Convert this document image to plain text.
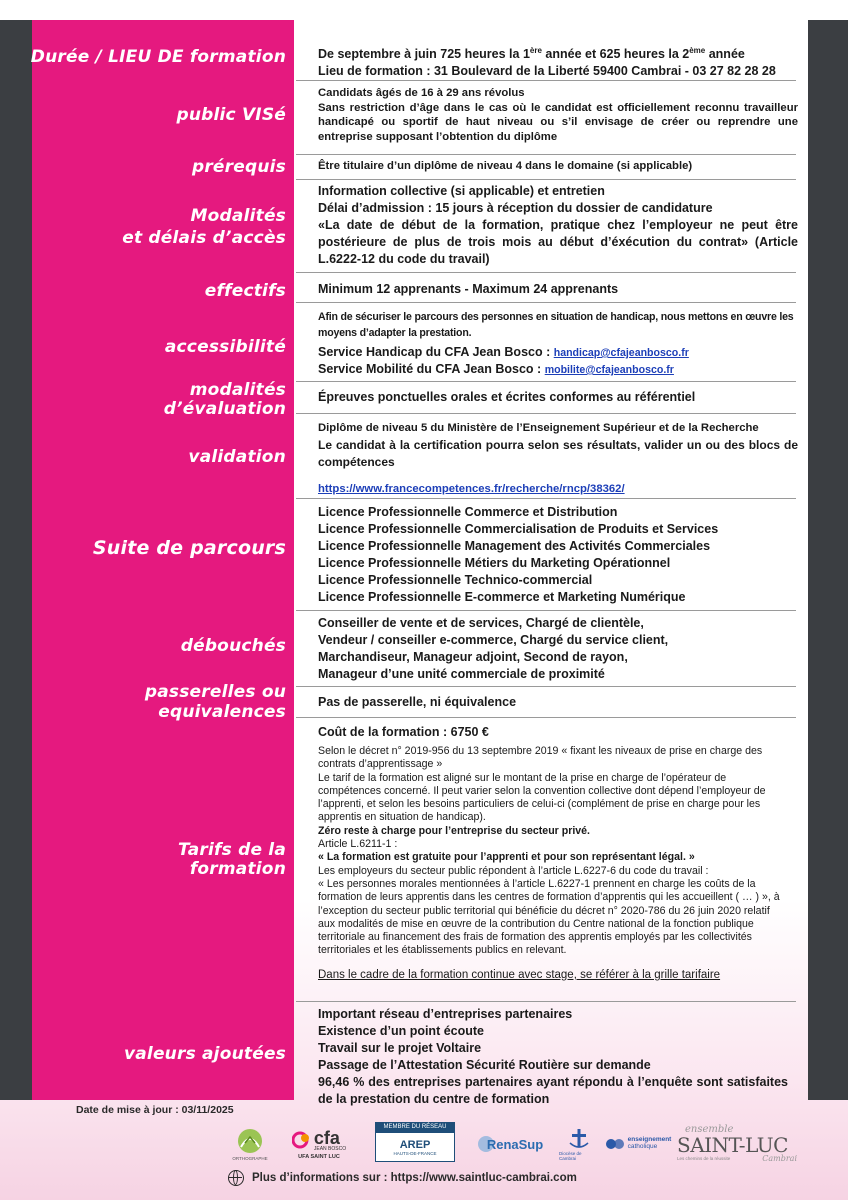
Durée / LIEU DE formation
public VISé
prérequis
Modalités
et délais d’accès
effectifs
accessibilité
modalités
d’évaluation
validation
Suite de parcours
débouchés
passerelles ou
equivalences
Tarifs de la
formation
valeurs ajoutées
De septembre à juin 725 heures la 1ère année et 625 heures la 2ème année
Lieu de formation : 31 Boulevard de la Liberté 59400 Cambrai - 03 27 82 28 28
Candidats âgés de 16 à 29 ans révolus
Sans restriction d’âge dans le cas où le candidat est officiellement reconnu travailleur handicapé ou sportif de haut niveau ou s’il envisage de créer ou reprendre une entreprise supposant l’obtention du diplôme
Être titulaire d’un diplôme de niveau 4 dans le domaine (si applicable)
Information collective (si applicable) et entretien
Délai d’admission : 15 jours à réception du dossier de candidature
«La date de début de la formation, pratique chez l’employeur ne peut être postérieure de plus de trois mois au début d’éxécution du contrat» (Article L.6222-12 du code du travail)
Minimum 12 apprenants - Maximum 24 apprenants
Afin de sécuriser le parcours des personnes en situation de handicap, nous mettons en œuvre les moyens d’adapter la prestation.
Service Handicap du CFA Jean Bosco : handicap@cfajeanbosco.fr
Service Mobilité du CFA Jean Bosco : mobilite@cfajeanbosco.fr
Épreuves ponctuelles orales et écrites conformes au référentiel
Diplôme de niveau 5 du Ministère de l’Enseignement Supérieur et de la Recherche
Le candidat à la certification pourra selon ses résultats, valider un ou des blocs de compétences
https://www.francecompetences.fr/recherche/rncp/38362/
Licence Professionnelle Commerce et Distribution
Licence Professionnelle Commercialisation de Produits et Services
Licence Professionnelle Management des Activités Commerciales
Licence Professionnelle Métiers du Marketing Opérationnel
Licence Professionnelle Technico-commercial
Licence Professionnelle E-commerce et Marketing Numérique
Conseiller de vente et de services, Chargé de clientèle,
Vendeur / conseiller e-commerce, Chargé du service client,
Marchandiseur, Manageur adjoint, Second de rayon,
Manageur d’une unité commerciale de proximité
Pas de passerelle, ni équivalence
Coût de la formation : 6750 €
Selon le décret n° 2019-956 du 13 septembre 2019 « fixant les niveaux de prise en charge des contrats d’apprentissage »
Le tarif de la formation est aligné sur le montant de la prise en charge de l’opérateur de compétences concerné. Il peut varier selon la convention collective dont dépend l’employeur de l’apprenti, et selon les besoins particuliers de celui-ci (complément de prise en charge pour les apprentis en situation de handicap).
Zéro reste à charge pour l’entreprise du secteur privé.
Article L.6211-1 :
« La formation est gratuite pour l’apprenti et pour son représentant légal. »
Les employeurs du secteur public répondent à l’article L.6227-6 du code du travail :
« Les personnes morales mentionnées à l’article L.6227-1 prennent en charge les coûts de la formation de leurs apprentis dans les centres de formation d’apprentis qui les accueillent ( … ) », à l’exception du secteur public territorial qui bénéficie du décret n° 2020-786 du 26 juin 2020 relatif aux modalités de mise en œuvre de la contribution du Centre national de la fonction publique territoriale au financement des frais de formation des apprentis employés par les collectivités territoriales et les établissements publics en relevant.
Dans le cadre de la formation continue avec stage, se référer à la grille tarifaire
Important réseau d’entreprises partenaires
Existence d’un point écoute
Travail sur le projet Voltaire
Passage de l’Attestation Sécurité Routière sur demande
96,46 % des entreprises partenaires ayant répondu à l’enquête sont satisfaites de la prestation du centre de formation
Date de mise à jour : 03/11/2025
ORTHOGRAPHE
cfa
JEAN BOSCO
UFA SAINT LUC
MEMBRE DU RÉSEAU
AREP
HAUTS-DE-FRANCE
RenaSup
Diocèse de Cambrai
enseignement
catholique
ensemble
SAINT-LUC
Les chemins de la réussite	Cambrai
Plus d’informations sur : https://www.saintluc-cambrai.com
